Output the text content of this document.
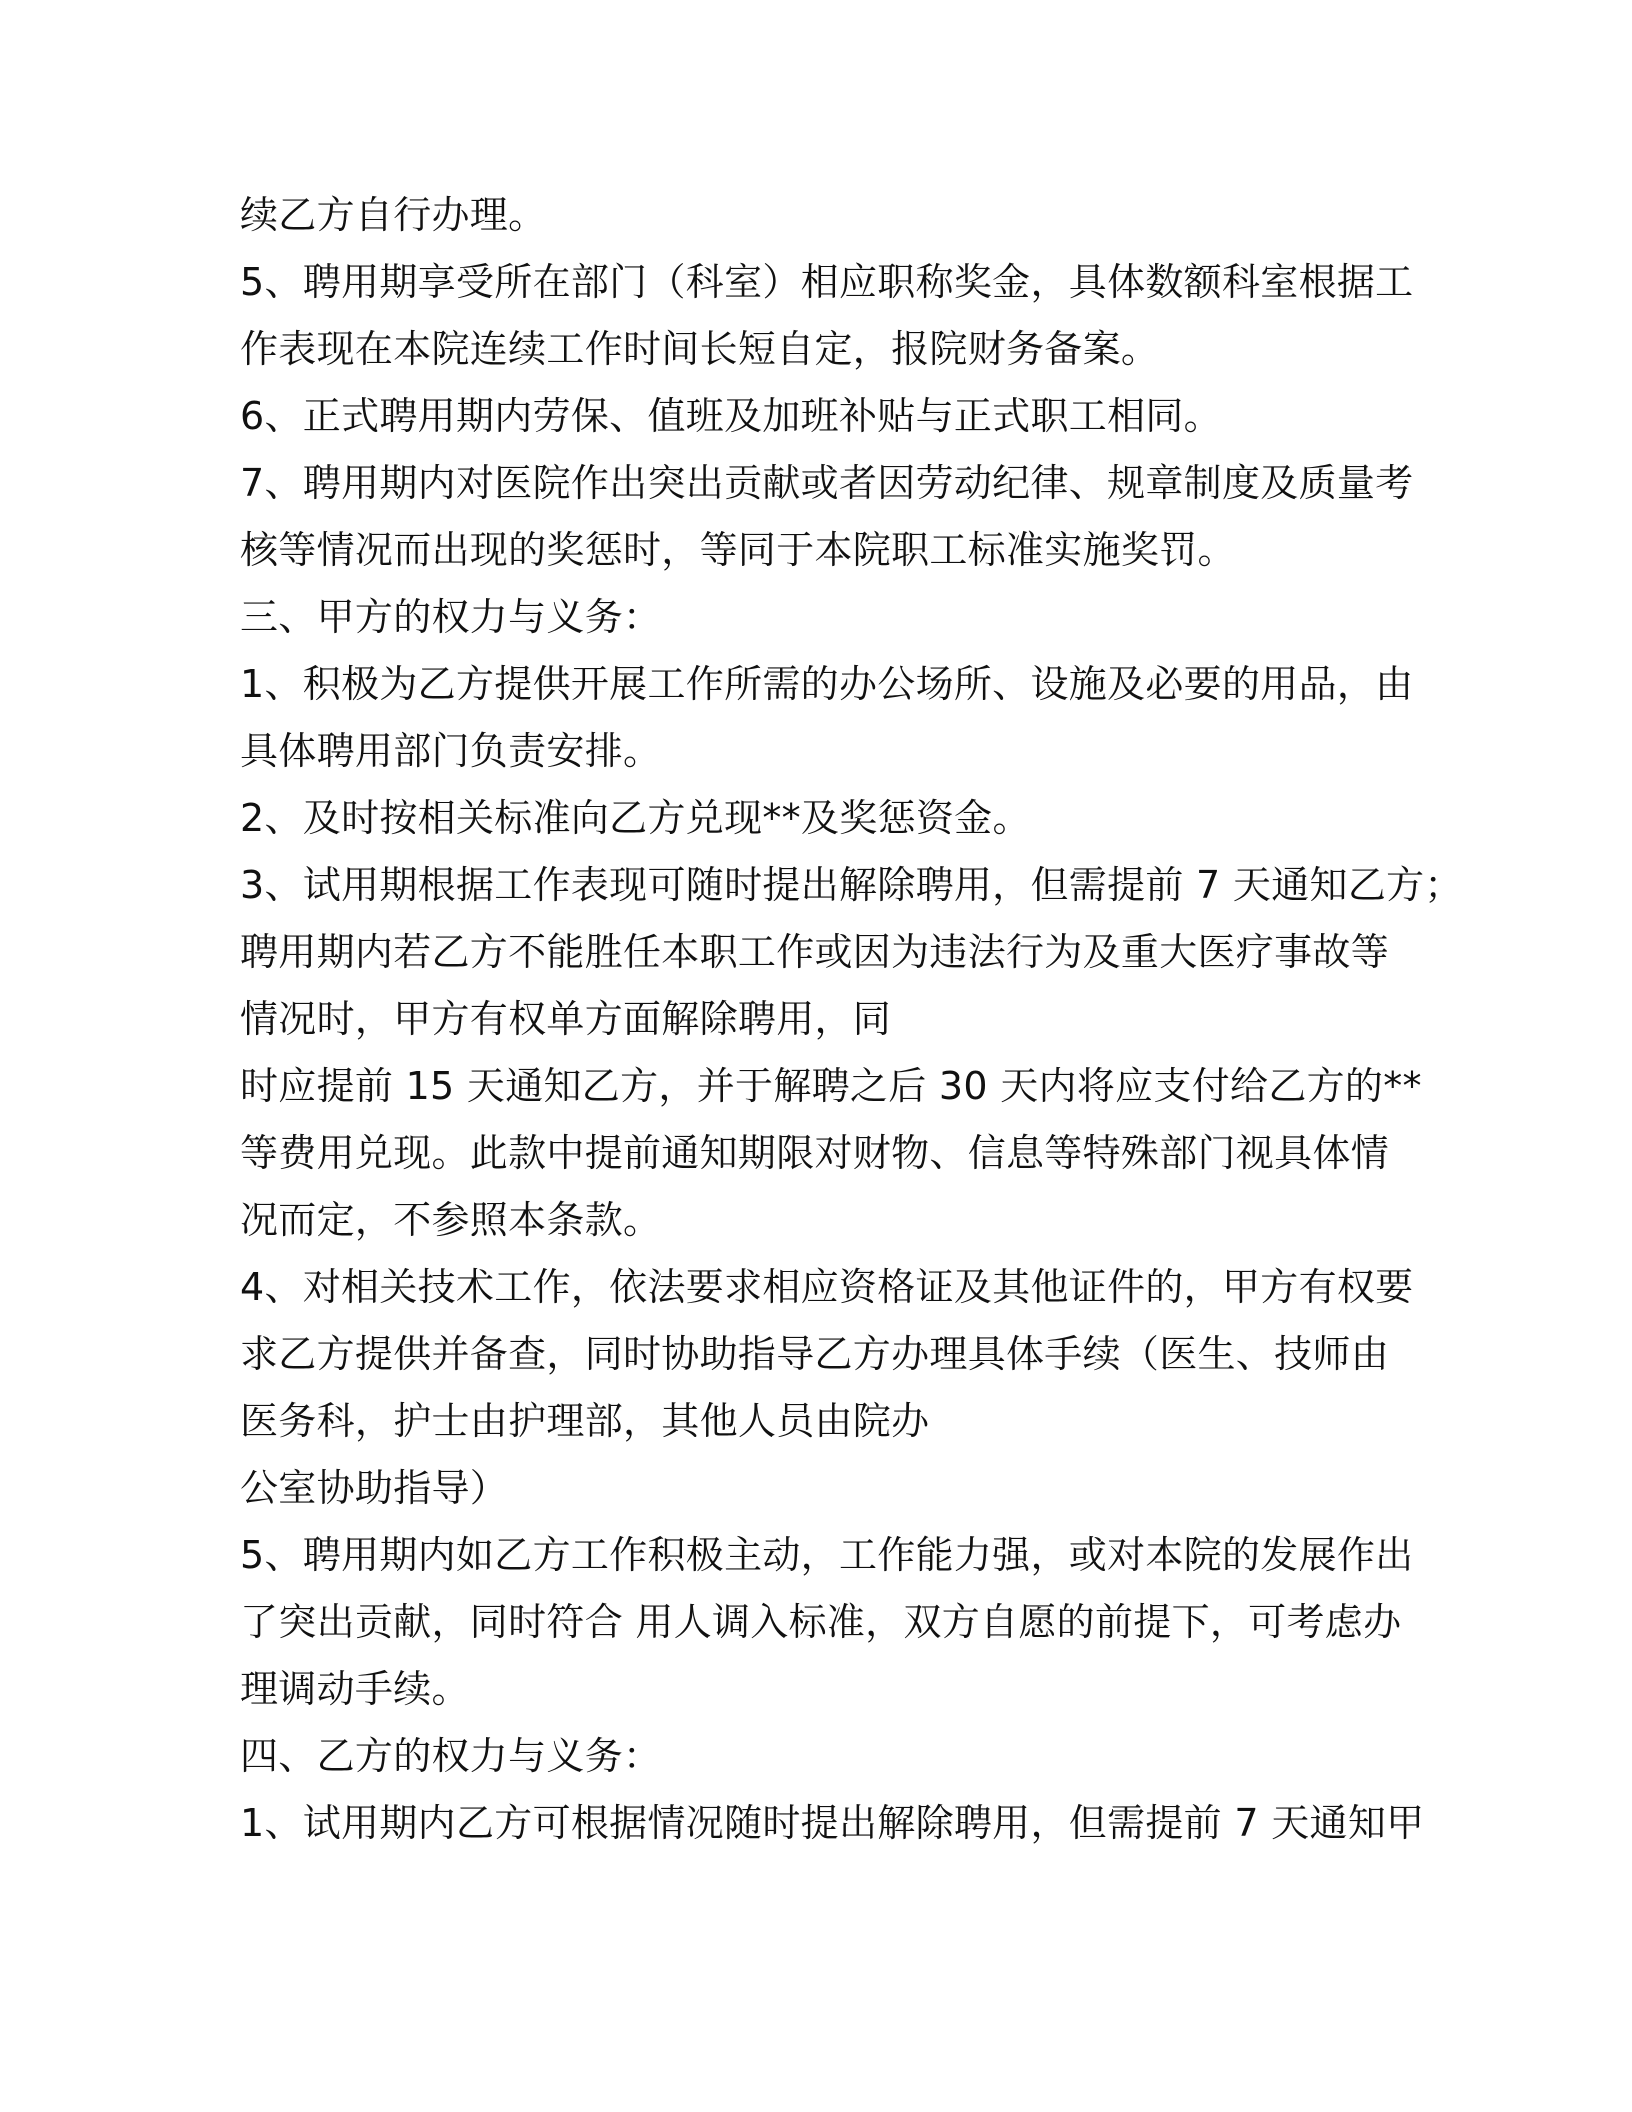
续乙方自行办理。
5、聘用期享受所在部门（科室）相应职称奖金，具体数额科室根据工
作表现在本院连续工作时间长短自定，报院财务备案。
6、正式聘用期内劳保、值班及加班补贴与正式职工相同。
7、聘用期内对医院作出突出贡献或者因劳动纪律、规章制度及质量考
核等情况而出现的奖惩时，等同于本院职工标准实施奖罚。
三、甲方的权力与义务：
1、积极为乙方提供开展工作所需的办公场所、设施及必要的用品，由
具体聘用部门负责安排。
2、及时按相关标准向乙方兑现**及奖惩资金。
3、试用期根据工作表现可随时提出解除聘用，但需提前 7 天通知乙方；
聘用期内若乙方不能胜任本职工作或因为违法行为及重大医疗事故等
情况时，甲方有权单方面解除聘用，同
时应提前 15 天通知乙方，并于解聘之后 30 天内将应支付给乙方的**
等费用兑现。此款中提前通知期限对财物、信息等特殊部门视具体情
况而定，不参照本条款。
4、对相关技术工作，依法要求相应资格证及其他证件的，甲方有权要
求乙方提供并备查，同时协助指导乙方办理具体手续（医生、技师由
医务科，护士由护理部，其他人员由院办
公室协助指导）
5、聘用期内如乙方工作积极主动，工作能力强，或对本院的发展作出
了突出贡献，同时符合 用人调入标准，双方自愿的前提下，可考虑办
理调动手续。
四、乙方的权力与义务：
1、试用期内乙方可根据情况随时提出解除聘用，但需提前 7 天通知甲
